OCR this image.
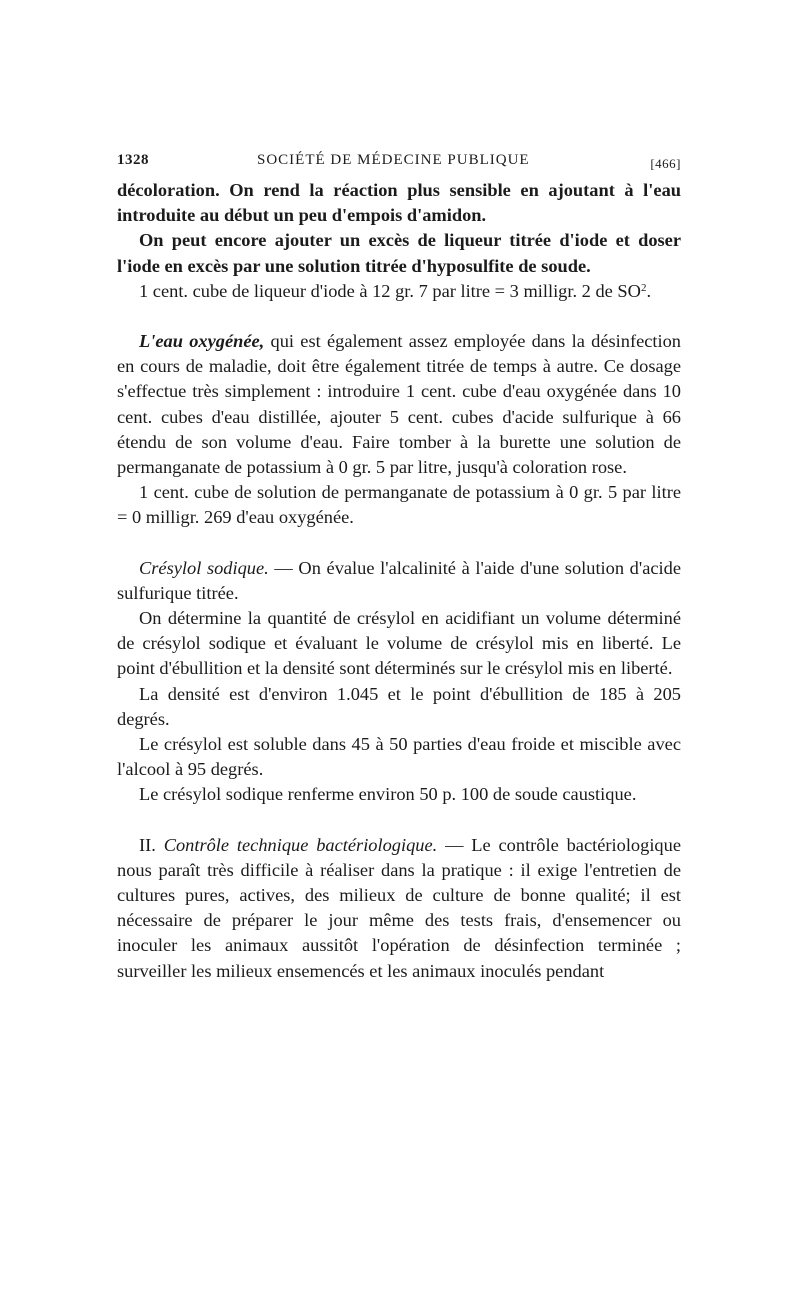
1328	SOCIÉTÉ DE MÉDECINE PUBLIQUE	[466]

décoloration. On rend la réaction plus sensible en ajoutant à l'eau introduite au début un peu d'empois d'amidon.

On peut encore ajouter un excès de liqueur titrée d'iode et doser l'iode en excès par une solution titrée d'hyposulfite de soude.

1 cent. cube de liqueur d'iode à 12 gr. 7 par litre = 3 milligr. 2 de $SO^2$.

L'eau oxygénée, qui est également assez employée dans la désinfection en cours de maladie, doit être également titrée de temps à autre. Ce dosage s'effectue très simplement : introduire 1 cent. cube d'eau oxygénée dans 10 cent. cubes d'eau distillée, ajouter 5 cent. cubes d'acide sulfurique à 66 étendu de son volume d'eau. Faire tomber à la burette une solution de permanganate de potassium à 0 gr. 5 par litre, jusqu'à coloration rose.

1 cent. cube de solution de permanganate de potassium à 0 gr. 5 par litre = 0 milligr. 269 d'eau oxygénée.

Crésylol sodique. — On évalue l'alcalinité à l'aide d'une solution d'acide sulfurique titrée.

On détermine la quantité de crésylol en acidifiant un volume déterminé de crésylol sodique et évaluant le volume de crésylol mis en liberté. Le point d'ébullition et la densité sont déterminés sur le crésylol mis en liberté.

La densité est d'environ 1.045 et le point d'ébullition de 185 à 205 degrés.

Le crésylol est soluble dans 45 à 50 parties d'eau froide et miscible avec l'alcool à 95 degrés.

Le crésylol sodique renferme environ 50 p. 100 de soude caustique.

II. Contrôle technique bactériologique. — Le contrôle bactériologique nous paraît très difficile à réaliser dans la pratique : il exige l'entretien de cultures pures, actives, des milieux de culture de bonne qualité; il est nécessaire de préparer le jour même des tests frais, d'ensemencer ou inoculer les animaux aussitôt l'opération de désinfection terminée ; surveiller les milieux ensemencés et les animaux inoculés pendant
